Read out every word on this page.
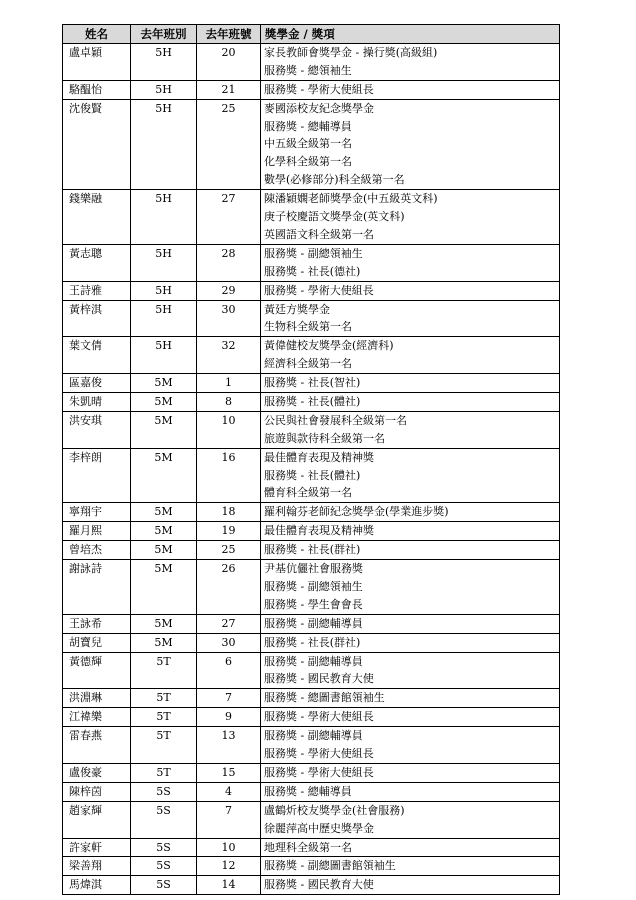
姓名	去年班別	去年班號	獎學金 / 獎項
盧卓穎	5H	20	家長教師會獎學金 - 操行獎(高級組)
服務獎 - 總領袖生

駱醖怡	5H	21	服務獎 - 學術大使組長

沈俊賢	5H	25	麥國添校友紀念獎學金
服務獎 - 總輔導員
中五級全級第一名
化學科全級第一名
數學(必修部分)科全級第一名

錢樂融	5H	27	陳潘穎嫻老師獎學金(中五級英文科)
庚子校慶語文獎學金(英文科)
英國語文科全級第一名

黃志聰	5H	28	服務獎 - 副總領袖生
服務獎 - 社長(德社)

王詩雅	5H	29	服務獎 - 學術大使組長

黃梓淇	5H	30	黃廷方獎學金
生物科全級第一名

葉文倩	5H	32	黃偉健校友獎學金(經濟科)
經濟科全級第一名

區嘉俊	5M	1	服務獎 - 社長(智社)

朱凱晴	5M	8	服務獎 - 社長(體社)

洪安琪	5M	10	公民與社會發展科全級第一名
旅遊與款待科全級第一名

李梓朗	5M	16	最佳體育表現及精神獎
服務獎 - 社長(體社)
體育科全級第一名

寧翔宇	5M	18	羅利翰芬老師紀念獎學金(學業進步獎)

羅月熙	5M	19	最佳體育表現及精神獎

曾培杰	5M	25	服務獎 - 社長(群社)

謝詠詩	5M	26	尹基伉儷社會服務獎
服務獎 - 副總領袖生
服務獎 - 學生會會長

王詠希	5M	27	服務獎 - 副總輔導員

胡寶兒	5M	30	服務獎 - 社長(群社)

黃德輝	5T	6	服務獎 - 副總輔導員
服務獎 - 國民教育大使

洪淵琳	5T	7	服務獎 - 總圖書館領袖生

江褘樂	5T	9	服務獎 - 學術大使組長

雷春燕	5T	13	服務獎 - 副總輔導員
服務獎 - 學術大使組長

盧俊豪	5T	15	服務獎 - 學術大使組長

陳梓茵	5S	4	服務獎 - 總輔導員

趙家輝	5S	7	盧鶴炘校友獎學金(社會服務)
徐麗萍高中歷史獎學金

許家軒	5S	10	地理科全級第一名

梁善翔	5S	12	服務獎 - 副總圖書館領袖生

馬煒淇	5S	14	服務獎 - 國民教育大使
